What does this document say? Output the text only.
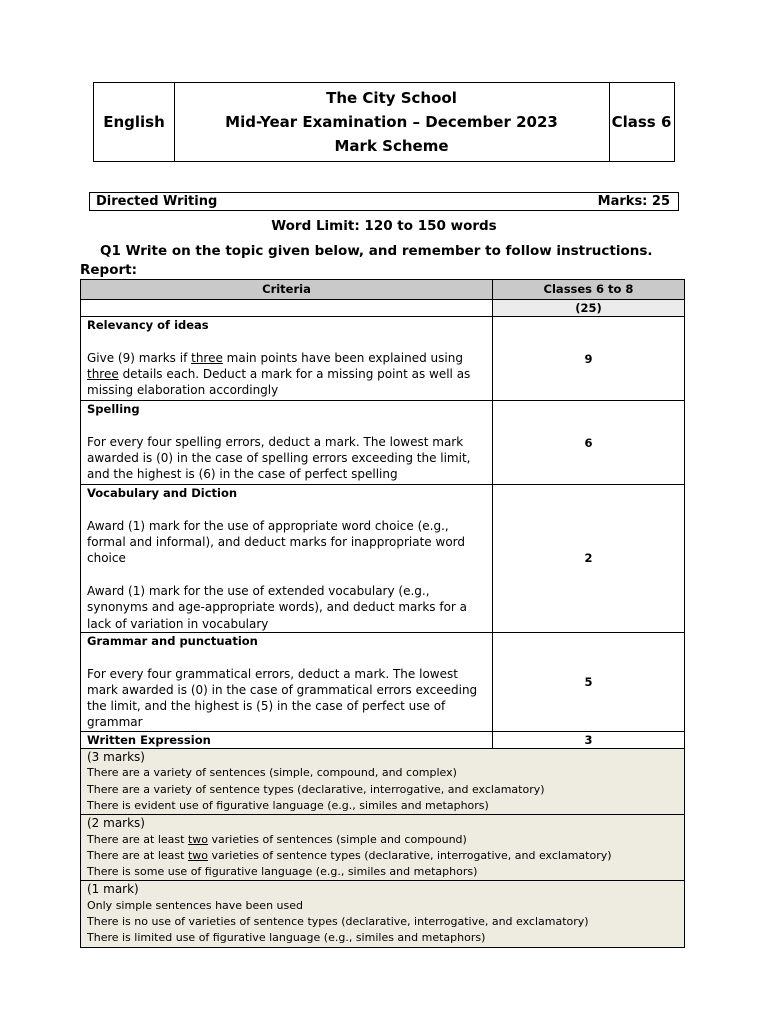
English
The City School
Mid-Year Examination – December 2023
Mark Scheme
Class 6
Directed Writing	Marks: 25
Word Limit: 120 to 150 words
Q1 Write on the topic given below, and remember to follow instructions.
Report:
Criteria	Classes 6 to 8
	(25)

Relevancy of ideas

Give (9) marks if three main points have been explained using three details each. Deduct a mark for a missing point as well as missing elaboration accordingly	9

Spelling

For every four spelling errors, deduct a mark. The lowest mark awarded is (0) in the case of spelling errors exceeding the limit, and the highest is (6) in the case of perfect spelling	6

Vocabulary and Diction

Award (1) mark for the use of appropriate word choice (e.g., formal and informal), and deduct marks for inappropriate word choice

Award (1) mark for the use of extended vocabulary (e.g., synonyms and age-appropriate words), and deduct marks for a lack of variation in vocabulary	2

Grammar and punctuation

For every four grammatical errors, deduct a mark. The lowest mark awarded is (0) in the case of grammatical errors exceeding the limit, and the highest is (5) in the case of perfect use of grammar	5
Written Expression	3

(3 marks)
There are a variety of sentences (simple, compound, and complex)
There are a variety of sentence types (declarative, interrogative, and exclamatory)
There is evident use of figurative language (e.g., similes and metaphors)	

(2 marks)
There are at least two varieties of sentences (simple and compound)
There are at least two varieties of sentence types (declarative, interrogative, and exclamatory)
There is some use of figurative language (e.g., similes and metaphors)	

(1 mark)
Only simple sentences have been used
There is no use of varieties of sentence types (declarative, interrogative, and exclamatory)
There is limited use of figurative language (e.g., similes and metaphors)	
